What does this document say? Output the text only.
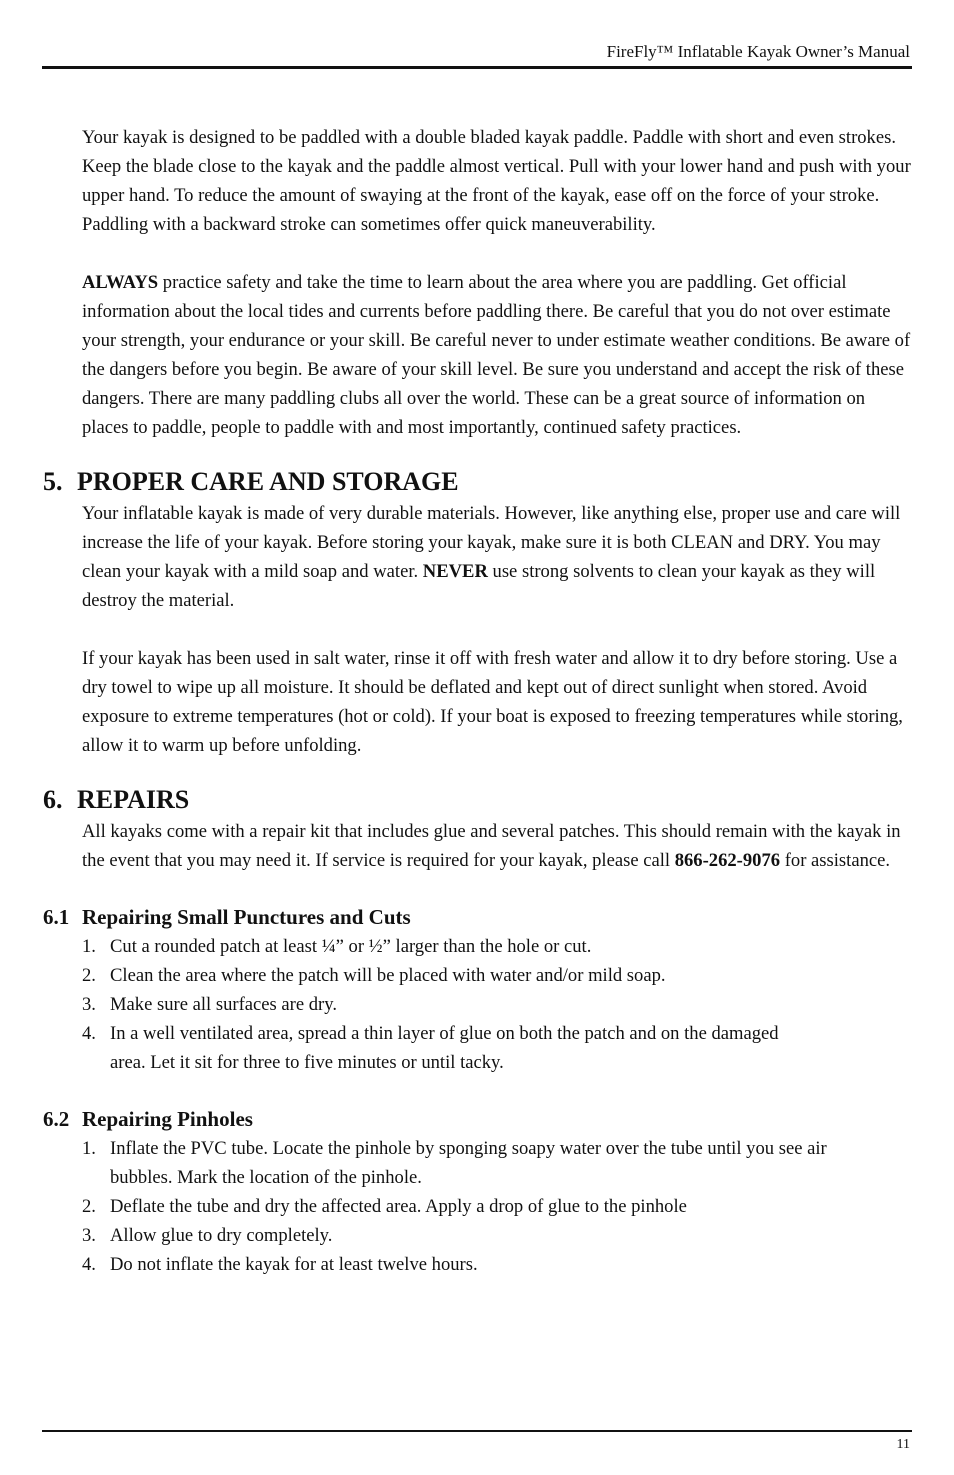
FireFly™ Inflatable Kayak Owner’s Manual

Your kayak is designed to be paddled with a double bladed kayak paddle. Paddle with short and even strokes. Keep the blade close to the kayak and the paddle almost vertical. Pull with your lower hand and push with your upper hand. To reduce the amount of swaying at the front of the kayak, ease off on the force of your stroke. Paddling with a backward stroke can sometimes offer quick maneuverability.

ALWAYS practice safety and take the time to learn about the area where you are paddling. Get official information about the local tides and currents before paddling there. Be careful that you do not over estimate your strength, your endurance or your skill. Be careful never to under estimate weather conditions. Be aware of the dangers before you begin. Be aware of your skill level. Be sure you understand and accept the risk of these dangers. There are many paddling clubs all over the world. These can be a great source of information on places to paddle, people to paddle with and most importantly, continued safety practices.

5. PROPER CARE AND STORAGE

Your inflatable kayak is made of very durable materials. However, like anything else, proper use and care will increase the life of your kayak. Before storing your kayak, make sure it is both CLEAN and DRY. You may clean your kayak with a mild soap and water. NEVER use strong solvents to clean your kayak as they will destroy the material.

If your kayak has been used in salt water, rinse it off with fresh water and allow it to dry before storing. Use a dry towel to wipe up all moisture. It should be deflated and kept out of direct sunlight when stored. Avoid exposure to extreme temperatures (hot or cold). If your boat is exposed to freezing temperatures while storing, allow it to warm up before unfolding.

6. REPAIRS

All kayaks come with a repair kit that includes glue and several patches. This should remain with the kayak in the event that you may need it. If service is required for your kayak, please call 866-262-9076 for assistance.

6.1 Repairing Small Punctures and Cuts
1. Cut a rounded patch at least ¼” or ½” larger than the hole or cut.
2. Clean the area where the patch will be placed with water and/or mild soap.
3. Make sure all surfaces are dry.
4. In a well ventilated area, spread a thin layer of glue on both the patch and on the damaged area. Let it sit for three to five minutes or until tacky.
6.2 Repairing Pinholes
1. Inflate the PVC tube. Locate the pinhole by sponging soapy water over the tube until you see air bubbles. Mark the location of the pinhole.
2. Deflate the tube and dry the affected area. Apply a drop of glue to the pinhole
3. Allow glue to dry completely.
4. Do not inflate the kayak for at least twelve hours.
11
